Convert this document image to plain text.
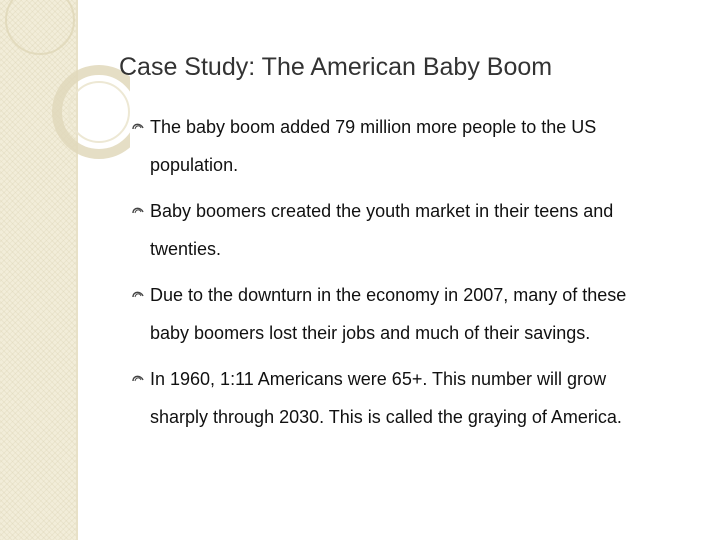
Case Study: The American Baby Boom
The baby boom added 79 million more people to the US
population.
Baby boomers created the youth market in their teens and
twenties.
Due to the downturn in the economy in 2007, many of these
baby boomers lost their jobs and much of their savings.
In 1960, 1:11 Americans were 65+. This number will grow
sharply through 2030. This is called the graying of America.
